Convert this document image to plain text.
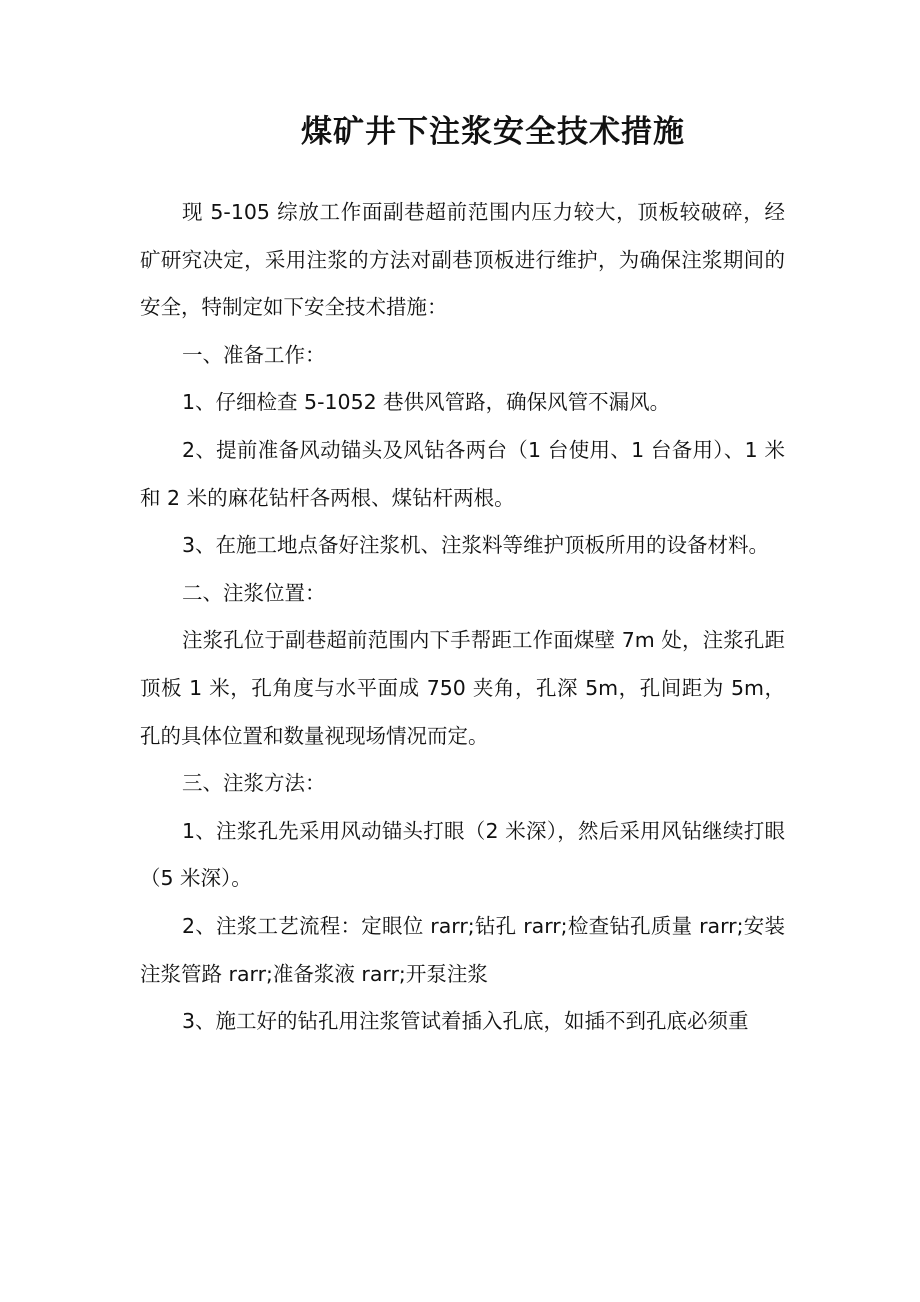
煤矿井下注浆安全技术措施

现 5-105 综放工作面副巷超前范围内压力较大，顶板较破碎，经矿研究决定，采用注浆的方法对副巷顶板进行维护，为确保注浆期间的安全，特制定如下安全技术措施：

一、准备工作：

1、仔细检查 5-1052 巷供风管路，确保风管不漏风。

2、提前准备风动锚头及风钻各两台（1 台使用、1 台备用）、1 米和 2 米的麻花钻杆各两根、煤钻杆两根。

3、在施工地点备好注浆机、注浆料等维护顶板所用的设备材料。

二、注浆位置：

注浆孔位于副巷超前范围内下手帮距工作面煤壁 7m 处，注浆孔距顶板 1 米，孔角度与水平面成 750 夹角，孔深 5m，孔间距为 5m，孔的具体位置和数量视现场情况而定。

三、注浆方法：

1、注浆孔先采用风动锚头打眼（2 米深），然后采用风钻继续打眼（5 米深）。

2、注浆工艺流程：定眼位 rarr;钻孔 rarr;检查钻孔质量 rarr;安装注浆管路 rarr;准备浆液 rarr;开泵注浆

3、施工好的钻孔用注浆管试着插入孔底，如插不到孔底必须重
